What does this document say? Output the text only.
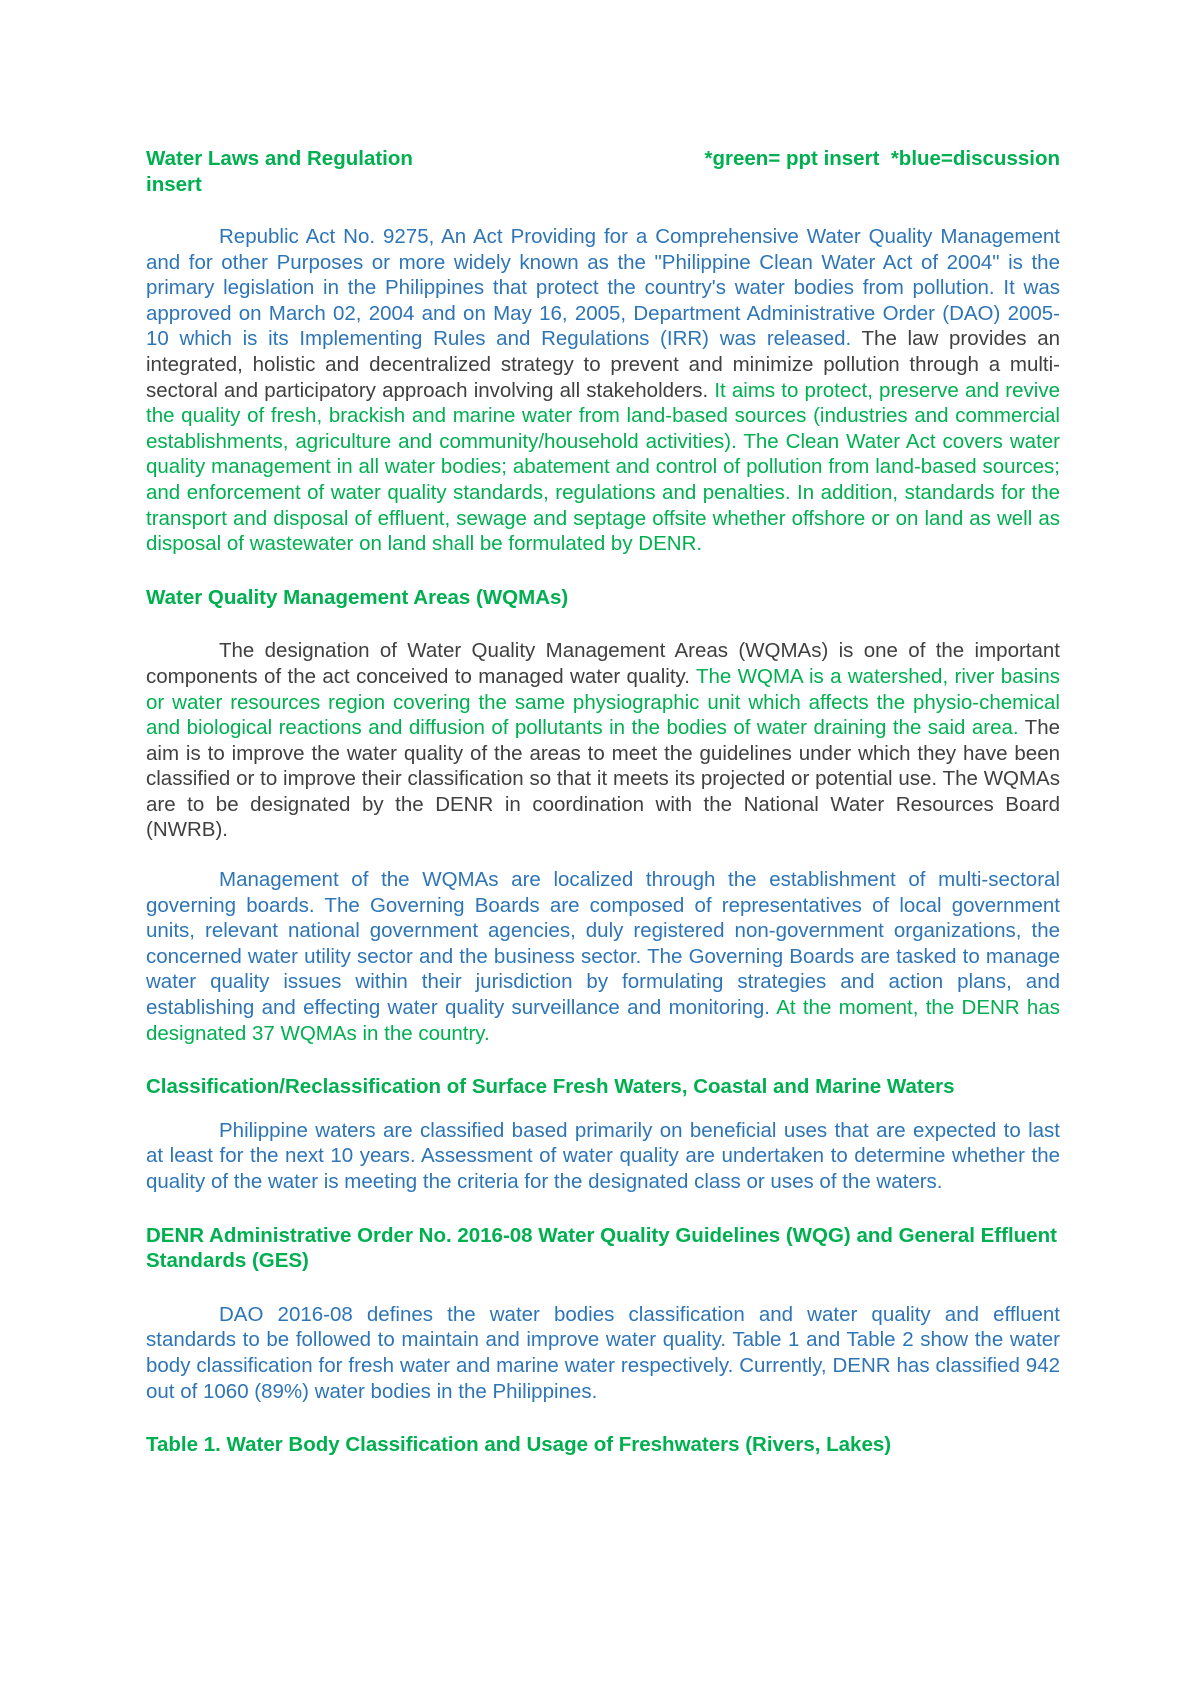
Water Laws and Regulation	*green= ppt insert *blue=discussion
insert

Republic Act No. 9275, An Act Providing for a Comprehensive Water Quality Management and for other Purposes or more widely known as the "Philippine Clean Water Act of 2004" is the primary legislation in the Philippines that protect the country's water bodies from pollution. It was approved on March 02, 2004 and on May 16, 2005, Department Administrative Order (DAO) 2005-10 which is its Implementing Rules and Regulations (IRR) was released. The law provides an integrated, holistic and decentralized strategy to prevent and minimize pollution through a multi-sectoral and participatory approach involving all stakeholders. It aims to protect, preserve and revive the quality of fresh, brackish and marine water from land-based sources (industries and commercial establishments, agriculture and community/household activities). The Clean Water Act covers water quality management in all water bodies; abatement and control of pollution from land-based sources; and enforcement of water quality standards, regulations and penalties. In addition, standards for the transport and disposal of effluent, sewage and septage offsite whether offshore or on land as well as disposal of wastewater on land shall be formulated by DENR.

Water Quality Management Areas (WQMAs)

The designation of Water Quality Management Areas (WQMAs) is one of the important components of the act conceived to managed water quality. The WQMA is a watershed, river basins or water resources region covering the same physiographic unit which affects the physio-chemical and biological reactions and diffusion of pollutants in the bodies of water draining the said area. The aim is to improve the water quality of the areas to meet the guidelines under which they have been classified or to improve their classification so that it meets its projected or potential use. The WQMAs are to be designated by the DENR in coordination with the National Water Resources Board (NWRB).

Management of the WQMAs are localized through the establishment of multi-sectoral governing boards. The Governing Boards are composed of representatives of local government units, relevant national government agencies, duly registered non-government organizations, the concerned water utility sector and the business sector. The Governing Boards are tasked to manage water quality issues within their jurisdiction by formulating strategies and action plans, and establishing and effecting water quality surveillance and monitoring. At the moment, the DENR has designated 37 WQMAs in the country.

Classification/Reclassification of Surface Fresh Waters, Coastal and Marine Waters

Philippine waters are classified based primarily on beneficial uses that are expected to last at least for the next 10 years. Assessment of water quality are undertaken to determine whether the quality of the water is meeting the criteria for the designated class or uses of the waters.

DENR Administrative Order No. 2016-08 Water Quality Guidelines (WQG) and General Effluent Standards (GES)

DAO 2016-08 defines the water bodies classification and water quality and effluent standards to be followed to maintain and improve water quality. Table 1 and Table 2 show the water body classification for fresh water and marine water respectively. Currently, DENR has classified 942 out of 1060 (89%) water bodies in the Philippines.

Table 1. Water Body Classification and Usage of Freshwaters (Rivers, Lakes)
